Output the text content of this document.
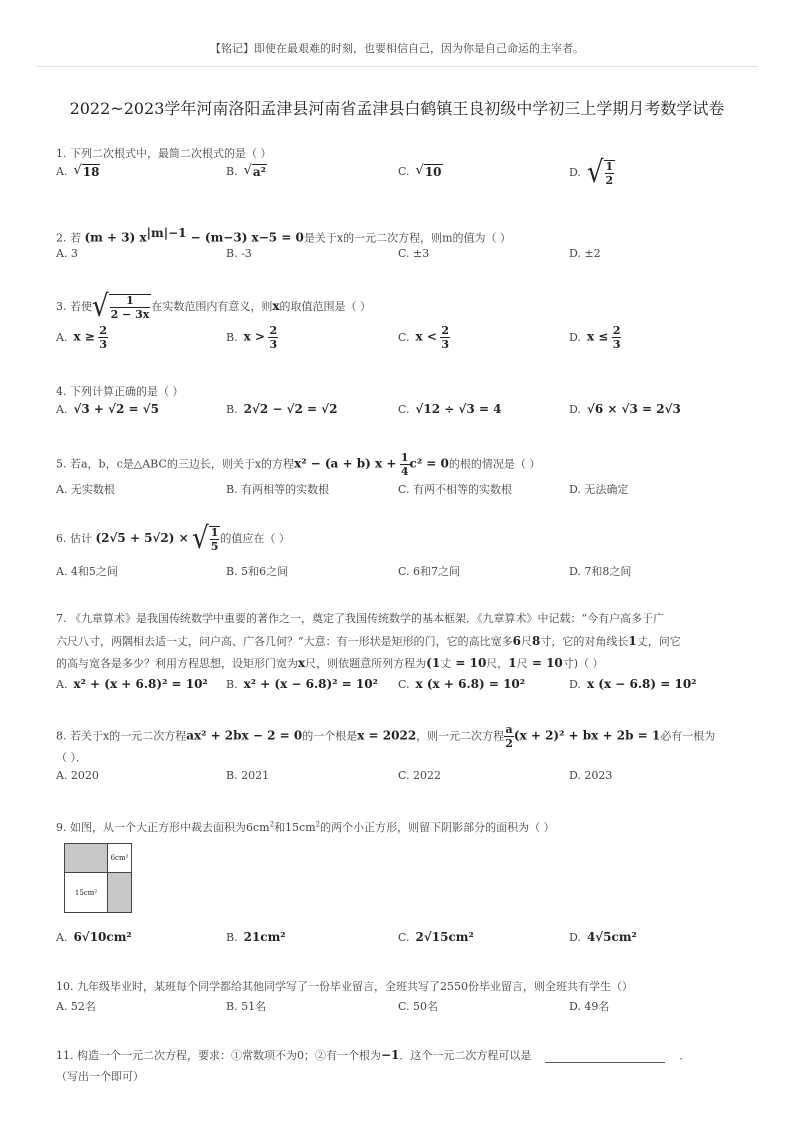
【铭记】即使在最艰难的时刻，也要相信自己，因为你是自己命运的主宰者。
2022~2023学年河南洛阳孟津县河南省孟津县白鹤镇王良初级中学初三上学期月考数学试卷
1. 下列二次根式中，最简二次根式的是（ ）
A. √ 18	B. √ a²	C. √ 10	D. √ $\frac{1}{2}$
2. 若 (m + 3) $x^{|m|-1} - (m-3) x-5 = 0$是关于x的一元二次方程，则m的值为（ ）
A. 3	B. ‐3	C. ±3	D. ±2
3. 若使 √ $\frac{1}{2 - 3x}$ 在实数范围内有意义，则x的取值范围是（ ）
A. $x \ge \frac{2}{3}$	B. $x > \frac{2}{3}$	C. $x < \frac{2}{3}$	D. $x \le \frac{2}{3}$
4. 下列计算正确的是（ ）
A. √3 + √2 = √5	B. 2√2 − √2 = √2	C. √12 ÷ √3 = 4	D. √6 × √3 = 2√3
5. 若a，b，c是△ABC的三边长，则关于x的方程x² − (a + b) $x + \frac{1}{4} c^2 = 0$的根的情况是（ ）
A. 无实数根	B. 有两相等的实数根	C. 有两不相等的实数根	D. 无法确定
6. 估计 (2√5 + 5√2) × √ $\frac{1}{5}$ 的值应在（ ）
A. 4和5之间	B. 5和6之间	C. 6和7之间	D. 7和8之间
7. 《九章算术》是我国传统数学中重要的著作之一，奠定了我国传统数学的基本框架．《九章算术》中记载：“今有户高多于广
六尺八寸，两隅相去适一丈，问户高、广各几何？”大意：有一形状是矩形的门，它的高比宽多6尺8寸，它的对角线长1丈，问它
的高与宽各是多少？利用方程思想，设矩形门宽为x尺，则依题意所列方程为(1丈 = 10尺，1尺 = 10寸)（ ）
A. x² + (x + 6.8)² = 10² B. x² + (x − 6.8)² = 10² C. x (x + 6.8) = 10²	D. x (x − 6.8) = 10²
8. 若关于x的一元二次方程ax² + 2bx − 2 = 0的一个根是x = 2022，则一元二次方程 $\frac{a}{2} (x + 2)^2$ + bx + 2b = 1必有一根为
（ ）．
A. 2020	B. 2021	C. 2022	D. 2023
9. 如图，从一个大正方形中裁去面积为$6cm^2$和$15cm^2$的两个小正方形，则留下阴影部分的面积为（ ）
6cm²
15cm²
A. 6√10cm²	B. 21cm²	C. 2√15cm²	D. 4√5cm²
10. 九年级毕业时，某班每个同学都给其他同学写了一份毕业留言，全班共写了2550份毕业留言，则全班共有学生（）
A. 52名	B. 51名	C. 50名	D. 49名
11. 构造一个一元二次方程，要求：①常数项不为0；②有一个根为−1．这个一元二次方程可以是	．
（写出一个即可）
